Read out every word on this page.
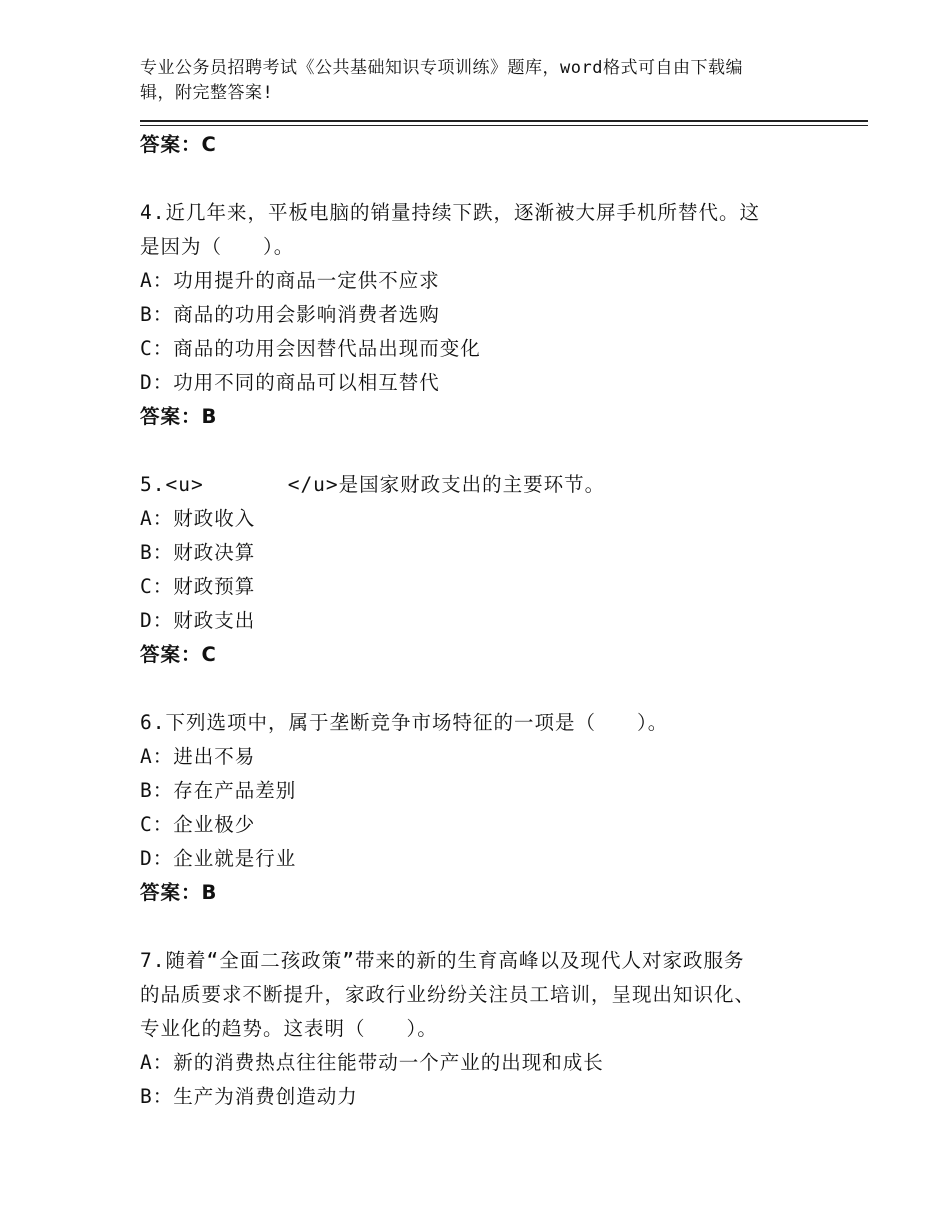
专业公务员招聘考试《公共基础知识专项训练》题库，word格式可自由下载编
辑，附完整答案!
答案：C
4.近几年来，平板电脑的销量持续下跌，逐渐被大屏手机所替代。这
是因为（　　）。
A：功用提升的商品一定供不应求
B：商品的功用会影响消费者选购
C：商品的功用会因替代品出现而变化
D：功用不同的商品可以相互替代
答案：B
5.<u>	</u>是国家财政支出的主要环节。
A：财政收入
B：财政决算
C：财政预算
D：财政支出
答案：C
6.下列选项中，属于垄断竞争市场特征的一项是（　　）。
A：进出不易
B：存在产品差别
C：企业极少
D：企业就是行业
答案：B
7.随着“全面二孩政策”带来的新的生育高峰以及现代人对家政服务
的品质要求不断提升，家政行业纷纷关注员工培训，呈现出知识化、
专业化的趋势。这表明（　　）。
A：新的消费热点往往能带动一个产业的出现和成长
B：生产为消费创造动力
